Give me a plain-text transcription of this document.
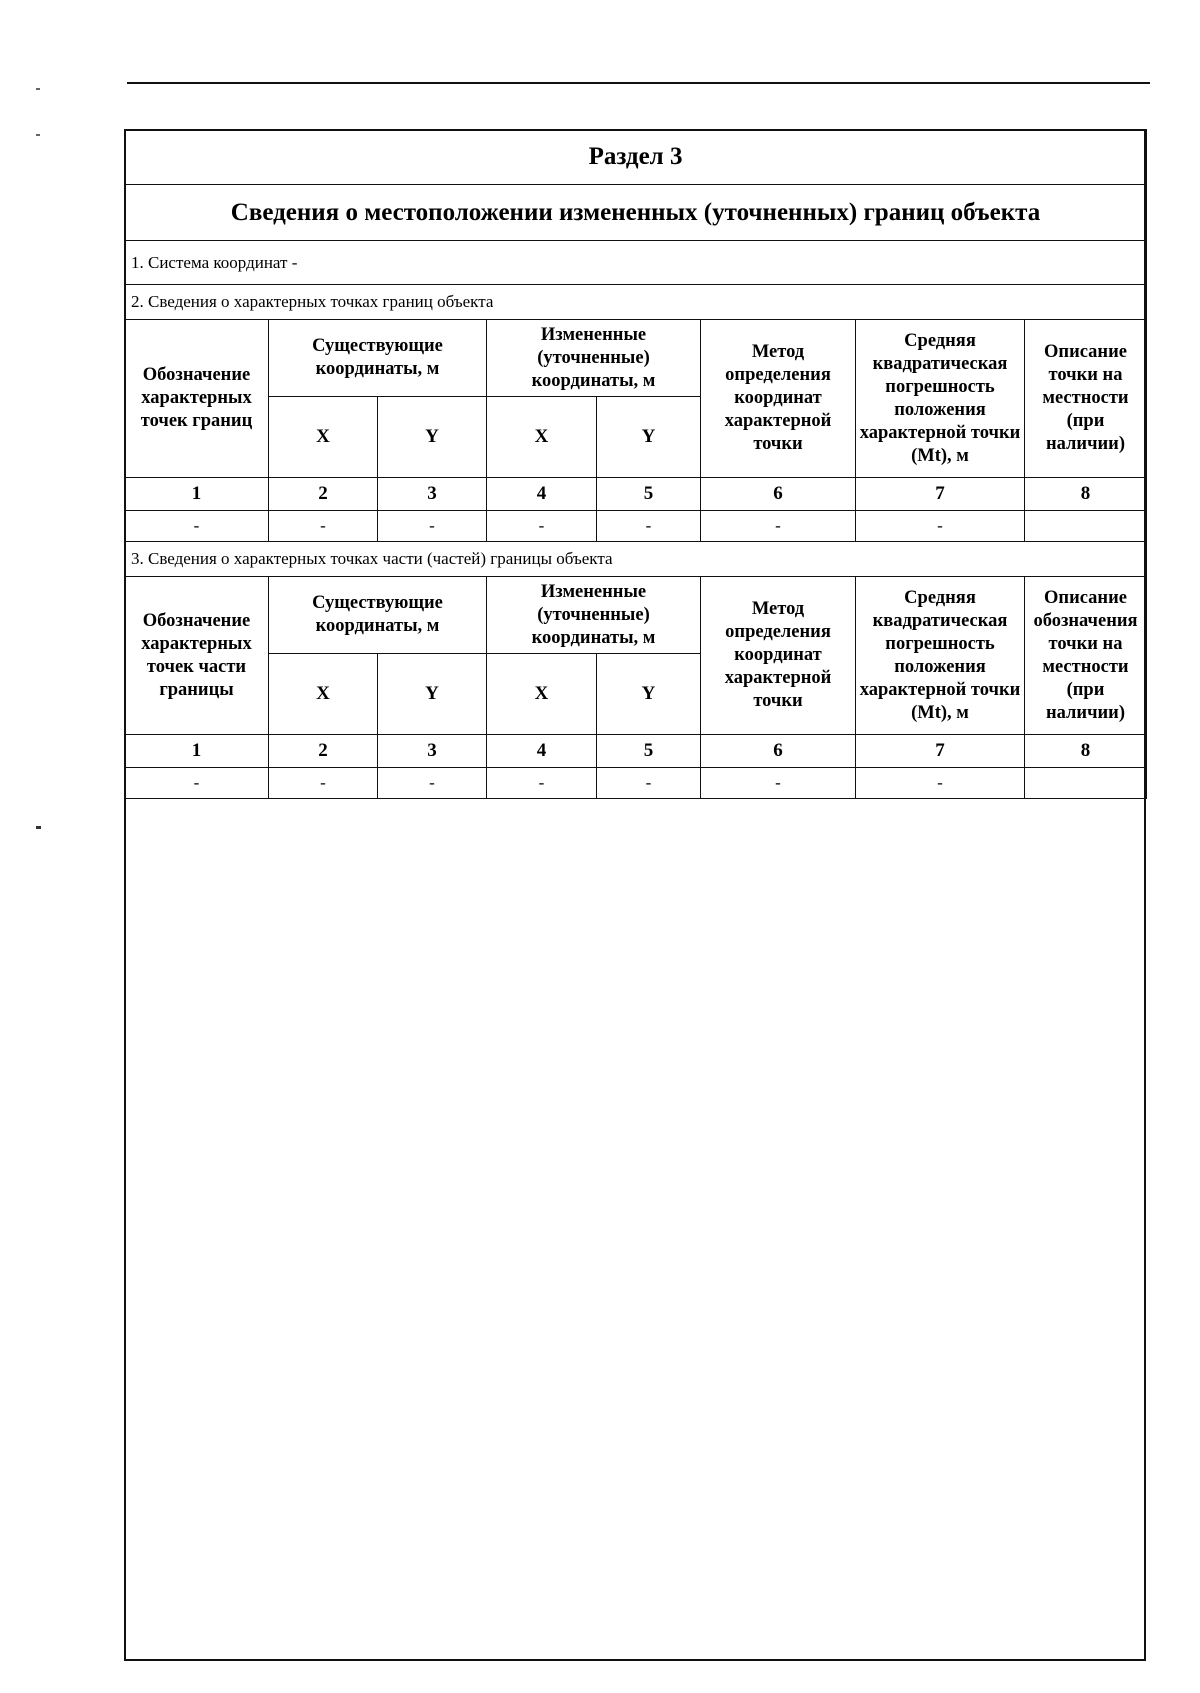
Раздел 3							
Сведения о местоположении измененных (уточненных) границ объекта							
1. Система координат -							
2. Сведения о характерных точках границ объекта							
Обозначение характерных точек границ	Существующие координаты, м		Измененные (уточненные) координаты, м		Метод определения координат характерной точки	Средняя квадратическая погрешность положения характерной точки (Mt), м	Описание точки на местности (при наличии)
	X	Y	X	Y			
1	2	3	4	5	6	7	8
-	-	-	-	-	-	-	
3. Сведения о характерных точках части (частей) границы объекта							
Обозначение характерных точек части границы	Существующие координаты, м		Измененные (уточненные) координаты, м		Метод определения координат характерной точки	Средняя квадратическая погрешность положения характерной точки (Mt), м	Описание обозначения точки на местности (при наличии)
	X	Y	X	Y			
1	2	3	4	5	6	7	8
-	-	-	-	-	-	-	
